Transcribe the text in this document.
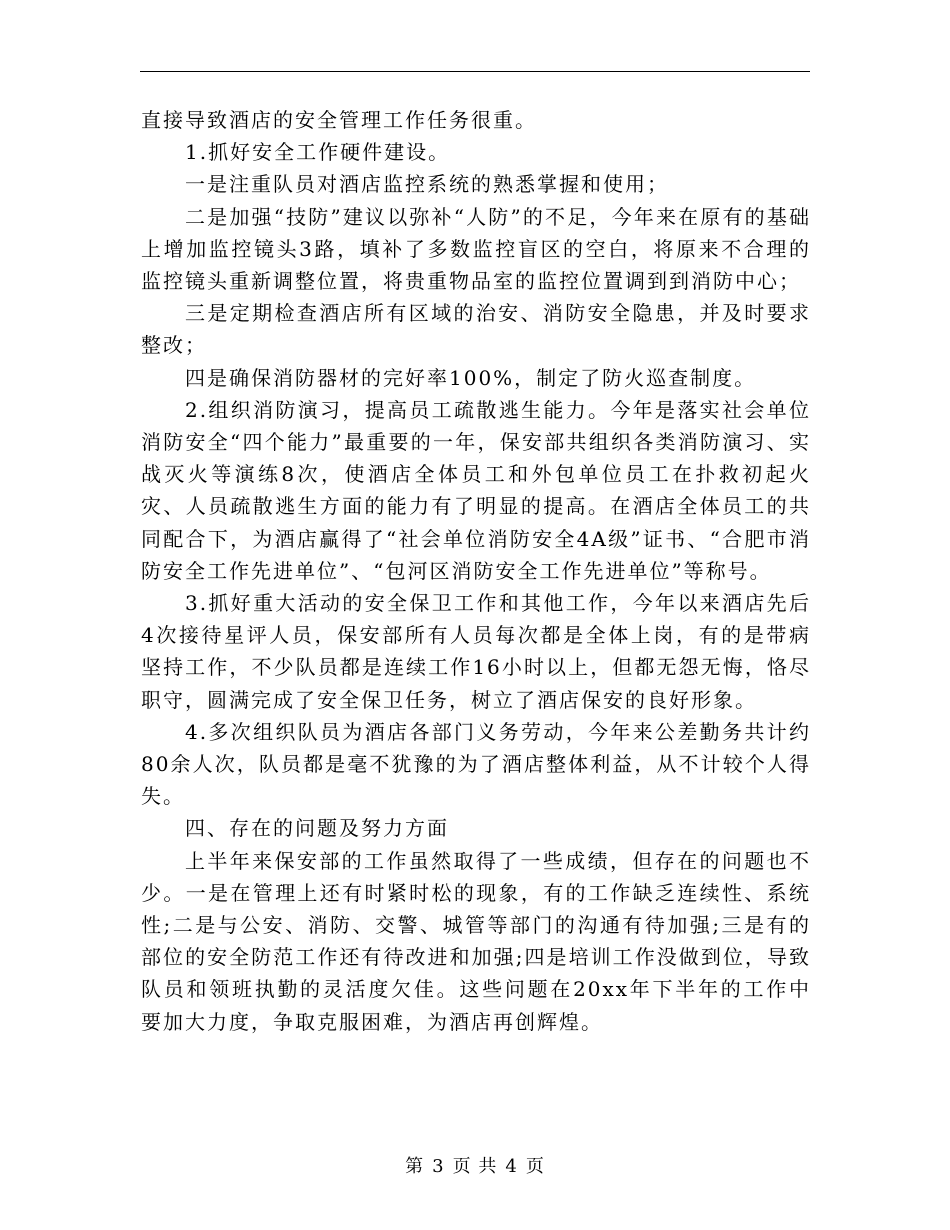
直接导致酒店的安全管理工作任务很重。

1.抓好安全工作硬件建设。

一是注重队员对酒店监控系统的熟悉掌握和使用；

二是加强“技防”建议以弥补“人防”的不足，今年来在原有的基础上增加监控镜头3路，填补了多数监控盲区的空白，将原来不合理的监控镜头重新调整位置，将贵重物品室的监控位置调到到消防中心；

三是定期检查酒店所有区域的治安、消防安全隐患，并及时要求整改；

四是确保消防器材的完好率100%，制定了防火巡查制度。

2.组织消防演习，提高员工疏散逃生能力。今年是落实社会单位消防安全“四个能力”最重要的一年，保安部共组织各类消防演习、实战灭火等演练8次，使酒店全体员工和外包单位员工在扑救初起火灾、人员疏散逃生方面的能力有了明显的提高。在酒店全体员工的共同配合下，为酒店赢得了“社会单位消防安全4A级”证书、“合肥市消防安全工作先进单位”、“包河区消防安全工作先进单位”等称号。

3.抓好重大活动的安全保卫工作和其他工作，今年以来酒店先后4次接待星评人员，保安部所有人员每次都是全体上岗，有的是带病坚持工作，不少队员都是连续工作16小时以上，但都无怨无悔，恪尽职守，圆满完成了安全保卫任务，树立了酒店保安的良好形象。

4.多次组织队员为酒店各部门义务劳动，今年来公差勤务共计约80余人次，队员都是毫不犹豫的为了酒店整体利益，从不计较个人得失。

四、存在的问题及努力方面

上半年来保安部的工作虽然取得了一些成绩，但存在的问题也不少。一是在管理上还有时紧时松的现象，有的工作缺乏连续性、系统性;二是与公安、消防、交警、城管等部门的沟通有待加强;三是有的部位的安全防范工作还有待改进和加强;四是培训工作没做到位，导致队员和领班执勤的灵活度欠佳。这些问题在20xx年下半年的工作中要加大力度，争取克服困难，为酒店再创辉煌。

第 3 页 共 4 页
